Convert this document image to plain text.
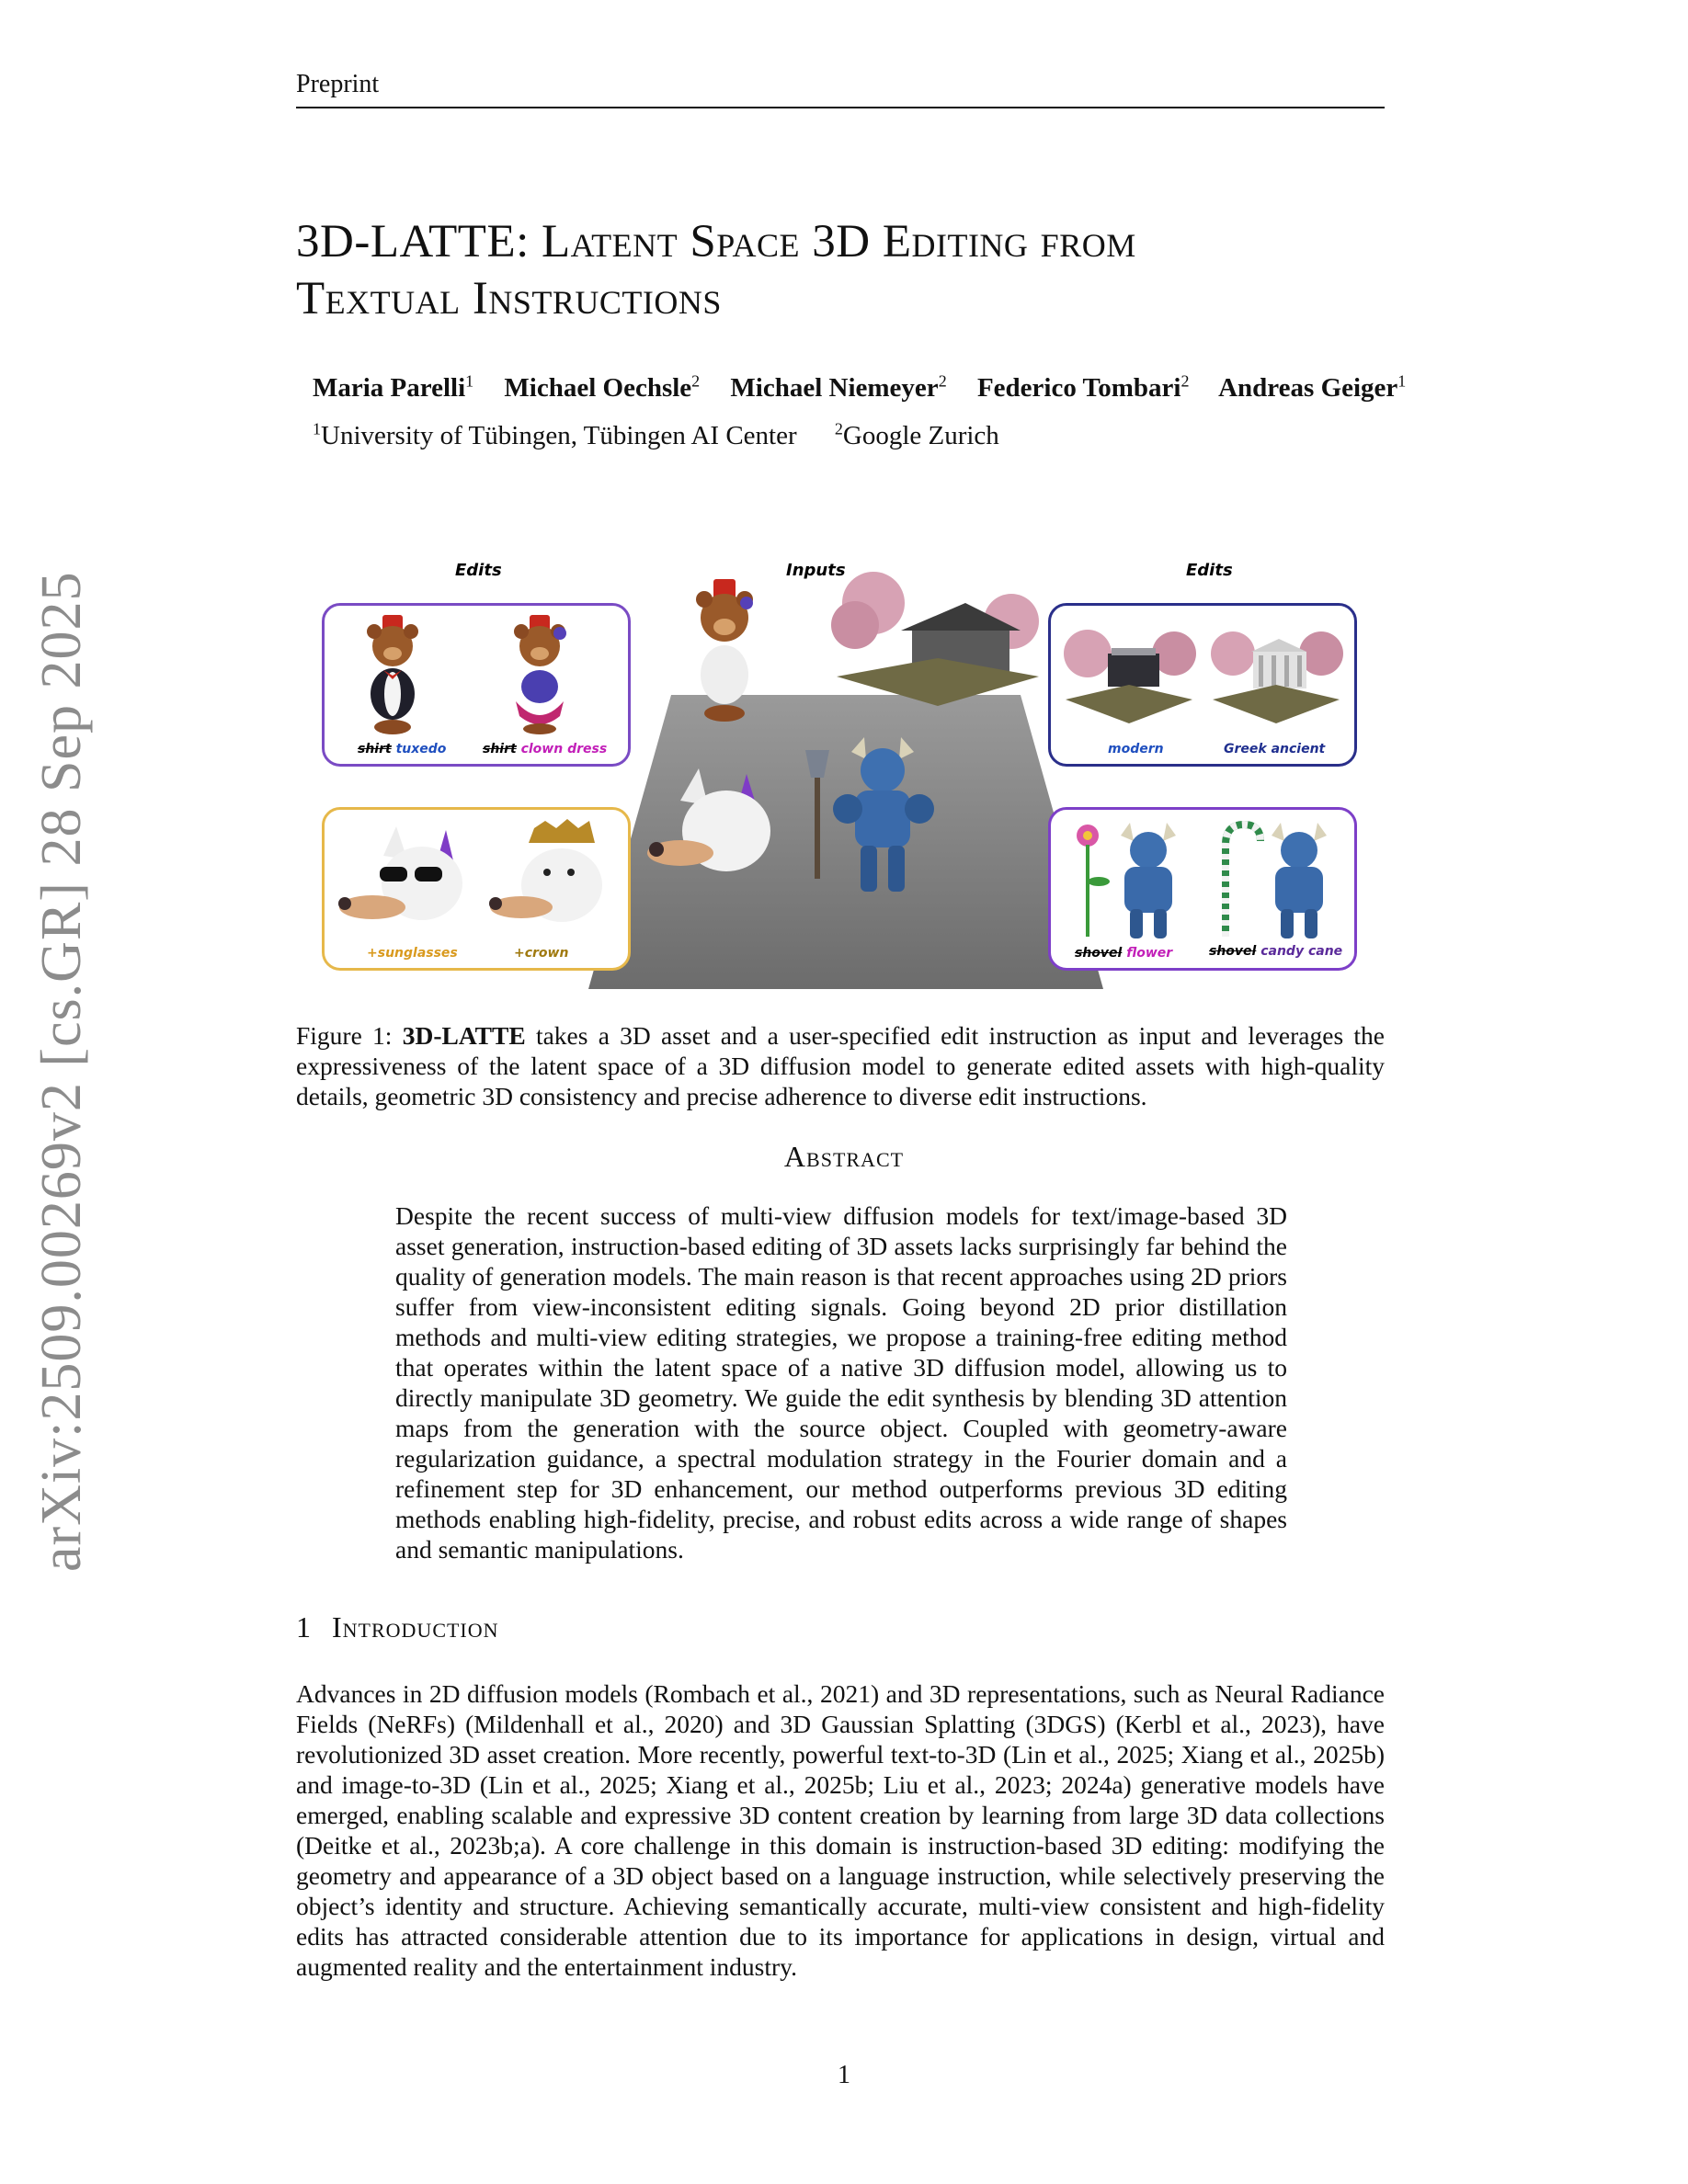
Preprint
arXiv:2509.00269v2 [cs.GR] 28 Sep 2025
3D-LATTE: Latent Space 3D Editing from
Textual Instructions
Maria Parelli$^1$ Michael Oechsle$^2$ Michael Niemeyer$^2$ Federico Tombari$^2$ Andreas Geiger$^1$
$^1$University of Tübingen, Tübingen AI Center $^2$Google Zurich
Edits	Inputs	Edits
shirt tuxedo	shirt clown dress	modern	Greek ancient
+sunglasses	+crown	shovel flower	shovel candy cane
Figure 1: 3D-LATTE takes a 3D asset and a user-specified edit instruction as input and leverages the expressiveness of the latent space of a 3D diffusion model to generate edited assets with high-quality details, geometric 3D consistency and precise adherence to diverse edit instructions.
Abstract
Despite the recent success of multi-view diffusion models for text/image-based 3D asset generation, instruction-based editing of 3D assets lacks surprisingly far behind the quality of generation models. The main reason is that recent approaches using 2D priors suffer from view-inconsistent editing signals. Going beyond 2D prior distillation methods and multi-view editing strategies, we propose a training-free editing method that operates within the latent space of a native 3D diffusion model, allowing us to directly manipulate 3D geometry. We guide the edit synthesis by blending 3D attention maps from the generation with the source object. Coupled with geometry-aware regularization guidance, a spectral modulation strategy in the Fourier domain and a refinement step for 3D enhancement, our method outperforms previous 3D editing methods enabling high-fidelity, precise, and robust edits across a wide range of shapes and semantic manipulations.
1 Introduction
Advances in 2D diffusion models (Rombach et al., 2021) and 3D representations, such as Neural Radiance Fields (NeRFs) (Mildenhall et al., 2020) and 3D Gaussian Splatting (3DGS) (Kerbl et al., 2023), have revolutionized 3D asset creation. More recently, powerful text-to-3D (Lin et al., 2025; Xiang et al., 2025b) and image-to-3D (Lin et al., 2025; Xiang et al., 2025b; Liu et al., 2023; 2024a) generative models have emerged, enabling scalable and expressive 3D content creation by learning from large 3D data collections (Deitke et al., 2023b;a). A core challenge in this domain is instruction-based 3D editing: modifying the geometry and appearance of a 3D object based on a language instruction, while selectively preserving the object’s identity and structure. Achieving semantically accurate, multi-view consistent and high-fidelity edits has attracted considerable attention due to its importance for applications in design, virtual and augmented reality and the entertainment industry.
1
